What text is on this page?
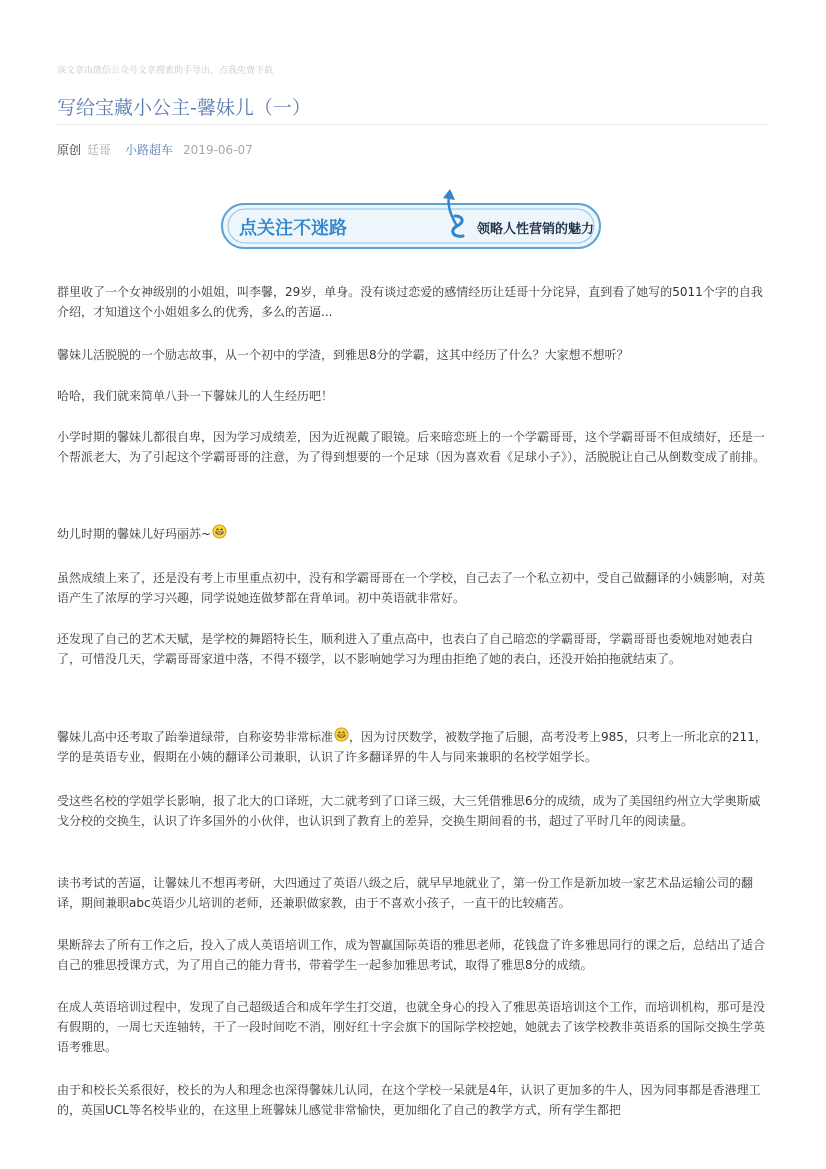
该文章由微信公众号文章搜索助手导出，点我免费下载
写给宝藏小公主-馨妹儿（一）
原创 廷哥 小路超车 2019-06-07
点关注不迷路	领略人性营销的魅力

群里收了一个女神级别的小姐姐，叫李馨，29岁，单身。没有谈过恋爱的感情经历让廷哥十分诧异，直到看了她写的5011个字的自我介绍，才知道这个小姐姐多么的优秀，多么的苦逼...

馨妹儿活脱脱的一个励志故事，从一个初中的学渣，到雅思8分的学霸，这其中经历了什么？大家想不想听？

哈哈，我们就来简单八卦一下馨妹儿的人生经历吧！

小学时期的馨妹儿都很自卑，因为学习成绩差，因为近视戴了眼镜。后来暗恋班上的一个学霸哥哥，这个学霸哥哥不但成绩好，还是一个帮派老大，为了引起这个学霸哥哥的注意，为了得到想要的一个足球（因为喜欢看《足球小子》），活脱脱让自己从倒数变成了前排。

幼儿时期的馨妹儿好玛丽苏~

虽然成绩上来了，还是没有考上市里重点初中，没有和学霸哥哥在一个学校，自己去了一个私立初中，受自己做翻译的小姨影响，对英语产生了浓厚的学习兴趣，同学说她连做梦都在背单词。初中英语就非常好。

还发现了自己的艺术天赋，是学校的舞蹈特长生，顺利进入了重点高中，也表白了自己暗恋的学霸哥哥，学霸哥哥也委婉地对她表白了，可惜没几天，学霸哥哥家道中落，不得不辍学，以不影响她学习为理由拒绝了她的表白，还没开始拍拖就结束了。

馨妹儿高中还考取了跆拳道绿带，自称姿势非常标准 ，因为讨厌数学，被数学拖了后腿，高考没考上985，只考上一所北京的211，学的是英语专业，假期在小姨的翻译公司兼职，认识了许多翻译界的牛人与同来兼职的名校学姐学长。

受这些名校的学姐学长影响，报了北大的口译班，大二就考到了口译三级，大三凭借雅思6分的成绩，成为了美国纽约州立大学奥斯威戈分校的交换生，认识了许多国外的小伙伴，也认识到了教育上的差异，交换生期间看的书，超过了平时几年的阅读量。

读书考试的苦逼，让馨妹儿不想再考研，大四通过了英语八级之后，就早早地就业了，第一份工作是新加坡一家艺术品运输公司的翻译，期间兼职abc英语少儿培训的老师，还兼职做家教，由于不喜欢小孩子，一直干的比较痛苦。

果断辞去了所有工作之后，投入了成人英语培训工作，成为智赢国际英语的雅思老师，花钱盘了许多雅思同行的课之后，总结出了适合自己的雅思授课方式，为了用自己的能力背书，带着学生一起参加雅思考试，取得了雅思8分的成绩。

在成人英语培训过程中，发现了自己超级适合和成年学生打交道，也就全身心的投入了雅思英语培训这个工作，而培训机构，那可是没有假期的，一周七天连轴转，干了一段时间吃不消，刚好红十字会旗下的国际学校挖她，她就去了该学校教非英语系的国际交换生学英语考雅思。

由于和校长关系很好，校长的为人和理念也深得馨妹儿认同，在这个学校一呆就是4年，认识了更加多的牛人，因为同事都是香港理工的，英国UCL等名校毕业的，在这里上班馨妹儿感觉非常愉快，更加细化了自己的教学方式，所有学生都把
